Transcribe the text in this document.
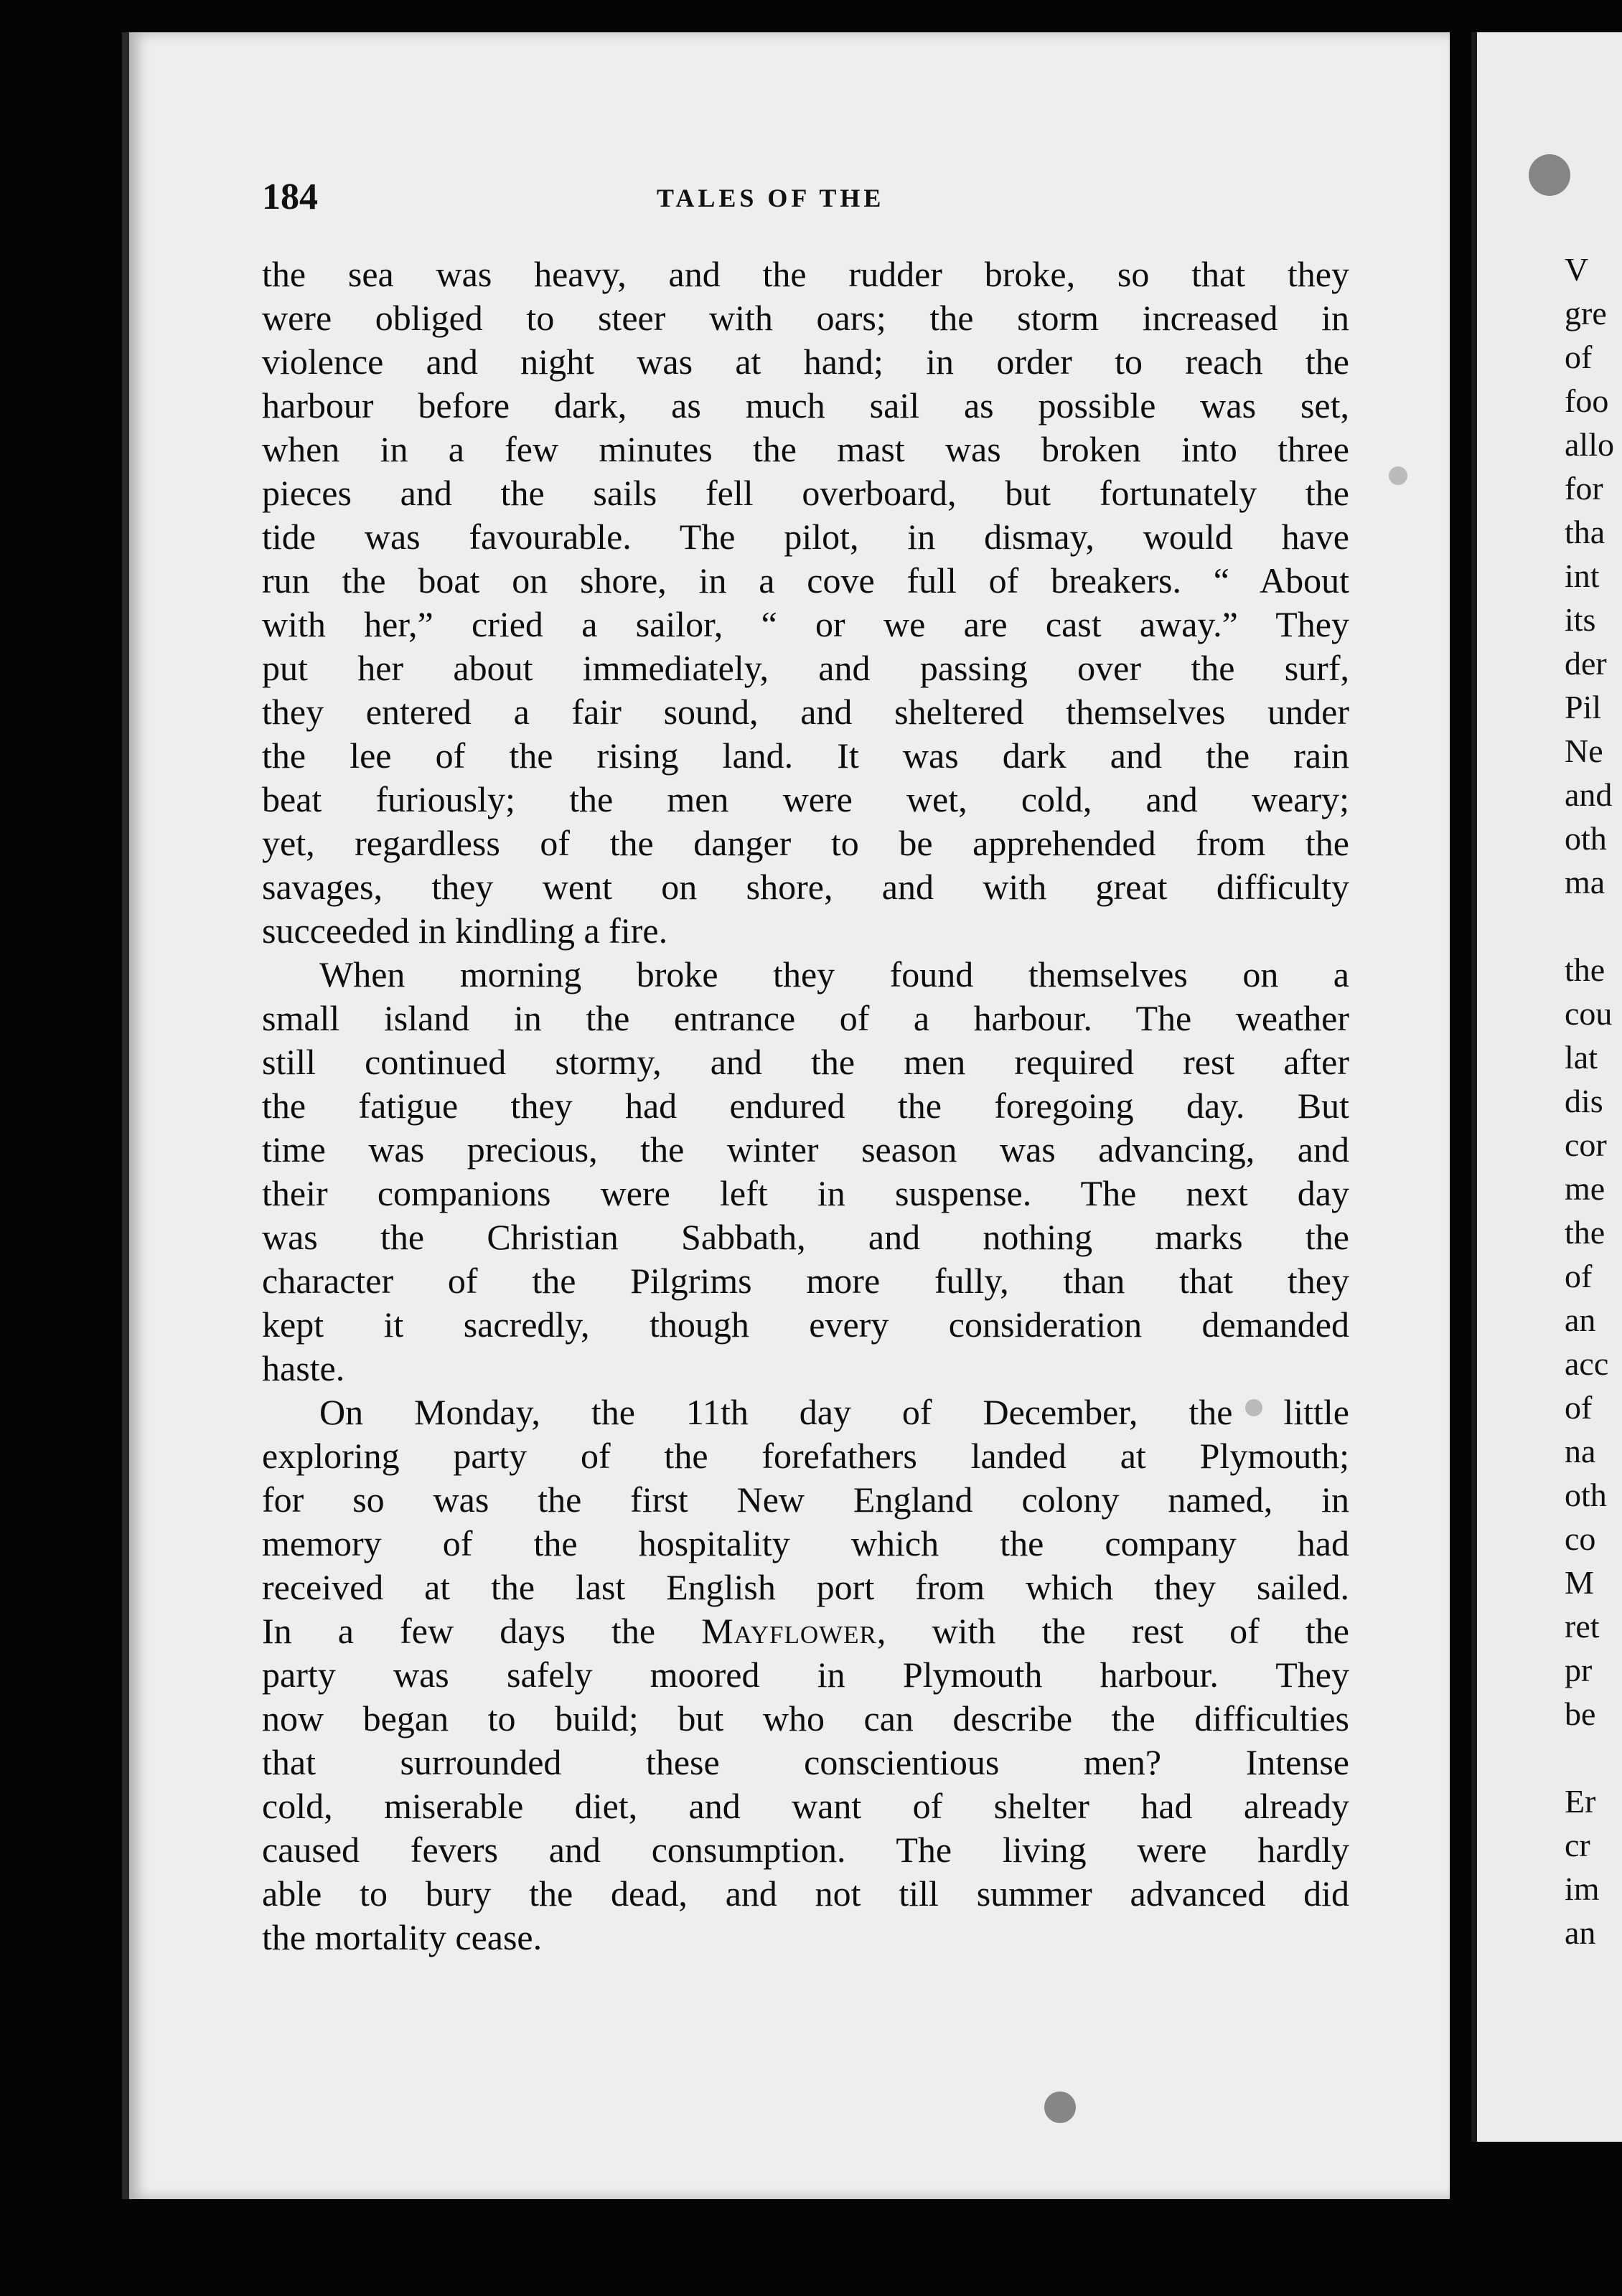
184	TALES OF THE
the sea was heavy, and the rudder broke, so that they
were obliged to steer with oars; the storm increased in
violence and night was at hand; in order to reach the
harbour before dark, as much sail as possible was set,
when in a few minutes the mast was broken into three
pieces and the sails fell overboard, but fortunately the
tide was favourable. The pilot, in dismay, would have
run the boat on shore, in a cove full of breakers. “ About
with her,” cried a sailor, “ or we are cast away.” They
put her about immediately, and passing over the surf,
they entered a fair sound, and sheltered themselves under
the lee of the rising land. It was dark and the rain
beat furiously; the men were wet, cold, and weary;
yet, regardless of the danger to be apprehended from the
savages, they went on shore, and with great difficulty
succeeded in kindling a fire.
When morning broke they found themselves on a
small island in the entrance of a harbour. The weather
still continued stormy, and the men required rest after
the fatigue they had endured the foregoing day. But
time was precious, the winter season was advancing, and
their companions were left in suspense. The next day
was the Christian Sabbath, and nothing marks the
character of the Pilgrims more fully, than that they
kept it sacredly, though every consideration demanded
haste.
On Monday, the 11th day of December, the little
exploring party of the forefathers landed at Plymouth;
for so was the first New England colony named, in
memory of the hospitality which the company had
received at the last English port from which they sailed.
In a few days the Mayflower, with the rest of the
party was safely moored in Plymouth harbour. They
now began to build; but who can describe the difficulties
that surrounded these conscientious men? Intense
cold, miserable diet, and want of shelter had already
caused fevers and consumption. The living were hardly
able to bury the dead, and not till summer advanced did
the mortality cease.
V
gre
of
foo
allo
for
tha
int
its
der
Pil
Ne
and
oth
ma
the
cou
lat
dis
cor
me
the
of
an
acc
of
na
oth
co
M
ret
pr
be
Er
cr
im
an
